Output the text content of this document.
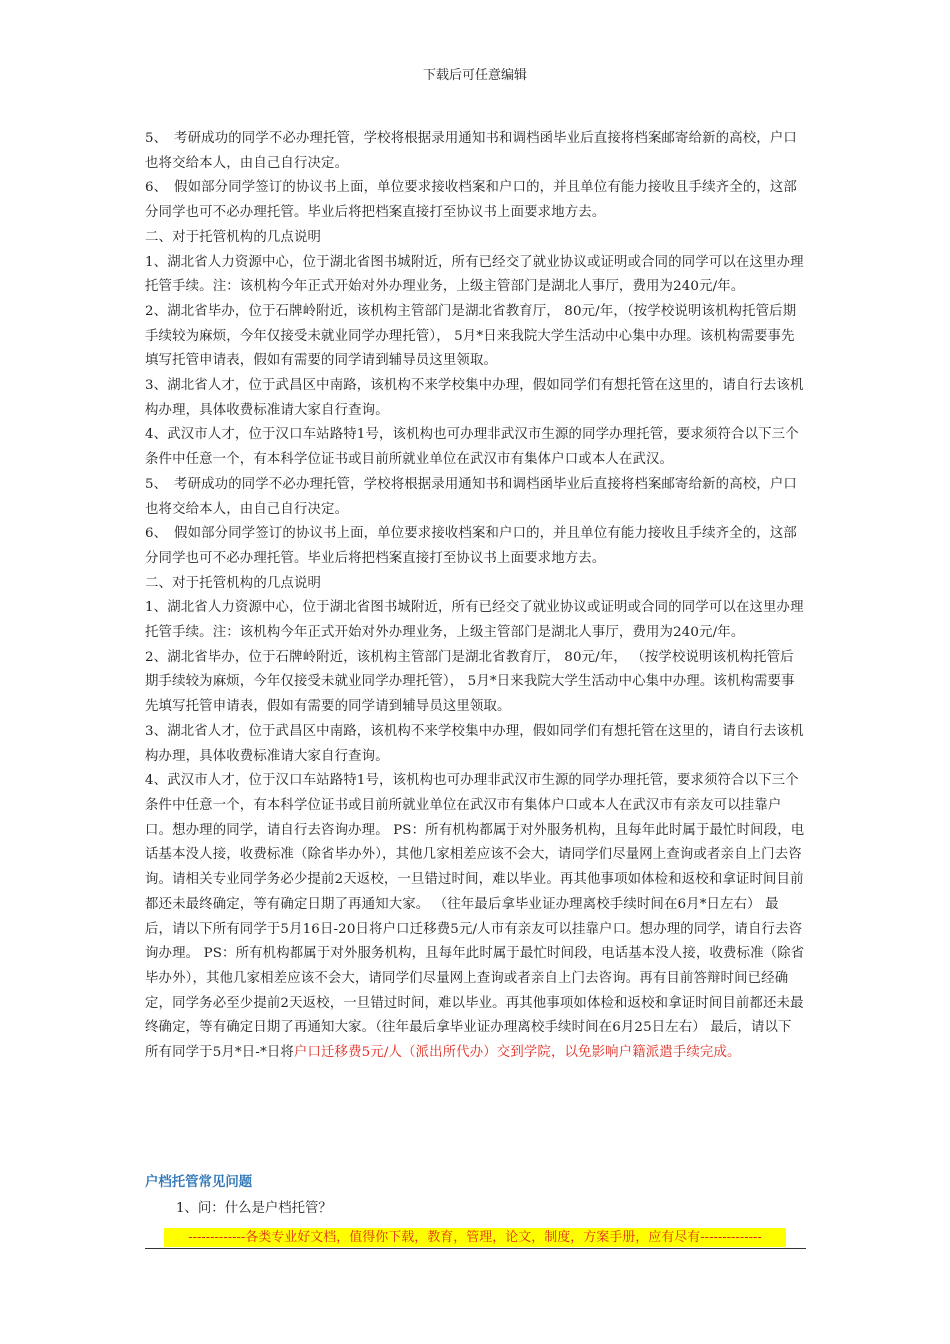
下载后可任意编辑

5、　考研成功的同学不必办理托管，学校将根据录用通知书和调档函毕业后直接将档案邮寄给新的高校，户口也将交给本人，由自己自行决定。

6、　假如部分同学签订的协议书上面，单位要求接收档案和户口的，并且单位有能力接收且手续齐全的，这部分同学也可不必办理托管。毕业后将把档案直接打至协议书上面要求地方去。

二、对于托管机构的几点说明

1、湖北省人力资源中心，位于湖北省图书城附近，所有已经交了就业协议或证明或合同的同学可以在这里办理托管手续。注：该机构今年正式开始对外办理业务，上级主管部门是湖北人事厅，费用为240元/年。

2、湖北省毕办，位于石牌岭附近，该机构主管部门是湖北省教育厅， 80元/年，（按学校说明该机构托管后期手续较为麻烦，今年仅接受未就业同学办理托管）， 5月*日来我院大学生活动中心集中办理。该机构需要事先填写托管申请表，假如有需要的同学请到辅导员这里领取。

3、湖北省人才，位于武昌区中南路，该机构不来学校集中办理，假如同学们有想托管在这里的，请自行去该机构办理，具体收费标准请大家自行查询。

4、武汉市人才，位于汉口车站路特1号，该机构也可办理非武汉市生源的同学办理托管，要求须符合以下三个条件中任意一个，有本科学位证书或目前所就业单位在武汉市有集体户口或本人在武汉。

5、　考研成功的同学不必办理托管，学校将根据录用通知书和调档函毕业后直接将档案邮寄给新的高校，户口也将交给本人，由自己自行决定。

6、　假如部分同学签订的协议书上面，单位要求接收档案和户口的，并且单位有能力接收且手续齐全的，这部分同学也可不必办理托管。毕业后将把档案直接打至协议书上面要求地方去。

二、对于托管机构的几点说明

1、湖北省人力资源中心，位于湖北省图书城附近，所有已经交了就业协议或证明或合同的同学可以在这里办理托管手续。注：该机构今年正式开始对外办理业务，上级主管部门是湖北人事厅，费用为240元/年。

2、湖北省毕办，位于石牌岭附近，该机构主管部门是湖北省教育厅， 80元/年， （按学校说明该机构托管后期手续较为麻烦，今年仅接受未就业同学办理托管）， 5月*日来我院大学生活动中心集中办理。该机构需要事先填写托管申请表，假如有需要的同学请到辅导员这里领取。

3、湖北省人才，位于武昌区中南路，该机构不来学校集中办理，假如同学们有想托管在这里的，请自行去该机构办理，具体收费标准请大家自行查询。

4、武汉市人才，位于汉口车站路特1号，该机构也可办理非武汉市生源的同学办理托管，要求须符合以下三个条件中任意一个，有本科学位证书或目前所就业单位在武汉市有集体户口或本人在武汉市有亲友可以挂靠户口。想办理的同学，请自行去咨询办理。 PS：所有机构都属于对外服务机构，且每年此时属于最忙时间段，电话基本没人接，收费标准（除省毕办外），其他几家相差应该不会大，请同学们尽量网上查询或者亲自上门去咨询。请相关专业同学务必少提前2天返校，一旦错过时间，难以毕业。再其他事项如体检和返校和拿证时间目前都还未最终确定，等有确定日期了再通知大家。 （往年最后拿毕业证办理离校手续时间在6月*日左右） 最后，请以下所有同学于5月16日-20日将户口迁移费5元/人市有亲友可以挂靠户口。想办理的同学，请自行去咨询办理。 PS：所有机构都属于对外服务机构，且每年此时属于最忙时间段，电话基本没人接，收费标准（除省毕办外），其他几家相差应该不会大，请同学们尽量网上查询或者亲自上门去咨询。再有目前答辩时间已经确定，同学务必至少提前2天返校，一旦错过时间，难以毕业。再其他事项如体检和返校和拿证时间目前都还未最终确定，等有确定日期了再通知大家。（往年最后拿毕业证办理离校手续时间在6月25日左右） 最后，请以下所有同学于5月*日-*日将户口迁移费5元/人（派出所代办）交到学院，以免影响户籍派遣手续完成。

户档托管常见问题
1、问：什么是户档托管？
-------------各类专业好文档，值得你下载，教育，管理，论文，制度，方案手册，应有尽有--------------
